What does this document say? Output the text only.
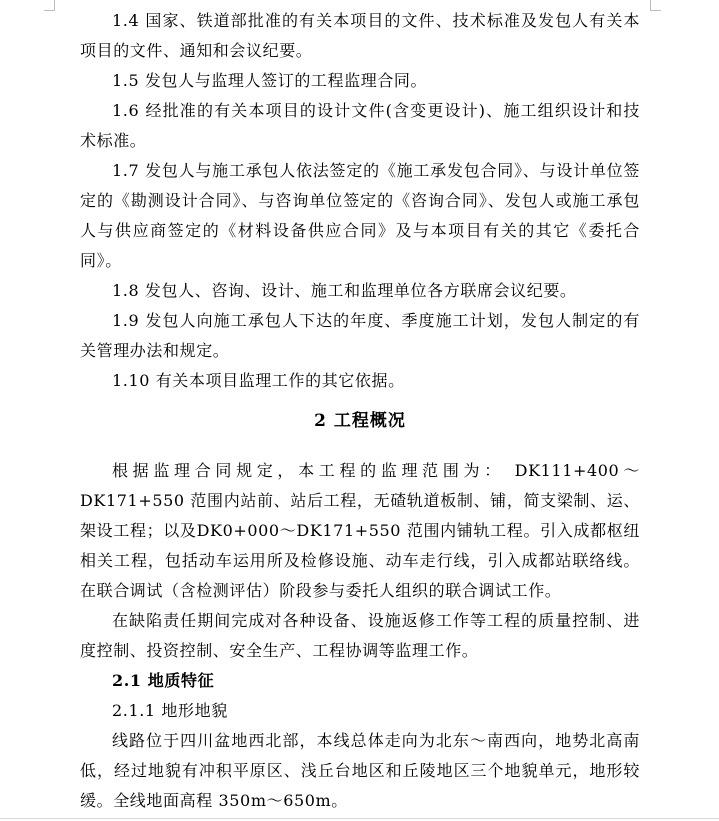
1.4 国家、铁道部批准的有关本项目的文件、技术标准及发包人有关本项目的文件、通知和会议纪要。

1.5 发包人与监理人签订的工程监理合同。

1.6 经批准的有关本项目的设计文件(含变更设计)、施工组织设计和技术标准。

1.7 发包人与施工承包人依法签定的《施工承发包合同》、与设计单位签定的《勘测设计合同》、与咨询单位签定的《咨询合同》、发包人或施工承包人与供应商签定的《材料设备供应合同》及与本项目有关的其它《委托合同》。

1.8 发包人、咨询、设计、施工和监理单位各方联席会议纪要。

1.9 发包人向施工承包人下达的年度、季度施工计划，发包人制定的有关管理办法和规定。

1.10 有关本项目监理工作的其它依据。

2 工程概况

根据监理合同规定，本工程的监理范围为： DK111+400～DK171+550 范围内站前、站后工程，无碴轨道板制、铺，简支梁制、运、架设工程；以及DK0+000～DK171+550 范围内铺轨工程。引入成都枢纽相关工程，包括动车运用所及检修设施、动车走行线，引入成都站联络线。在联合调试（含检测评估）阶段参与委托人组织的联合调试工作。

在缺陷责任期间完成对各种设备、设施返修工作等工程的质量控制、进度控制、投资控制、安全生产、工程协调等监理工作。

2.1 地质特征

2.1.1 地形地貌

线路位于四川盆地西北部，本线总体走向为北东～南西向，地势北高南低，经过地貌有冲积平原区、浅丘台地区和丘陵地区三个地貌单元，地形较缓。全线地面高程 350m～650m。
